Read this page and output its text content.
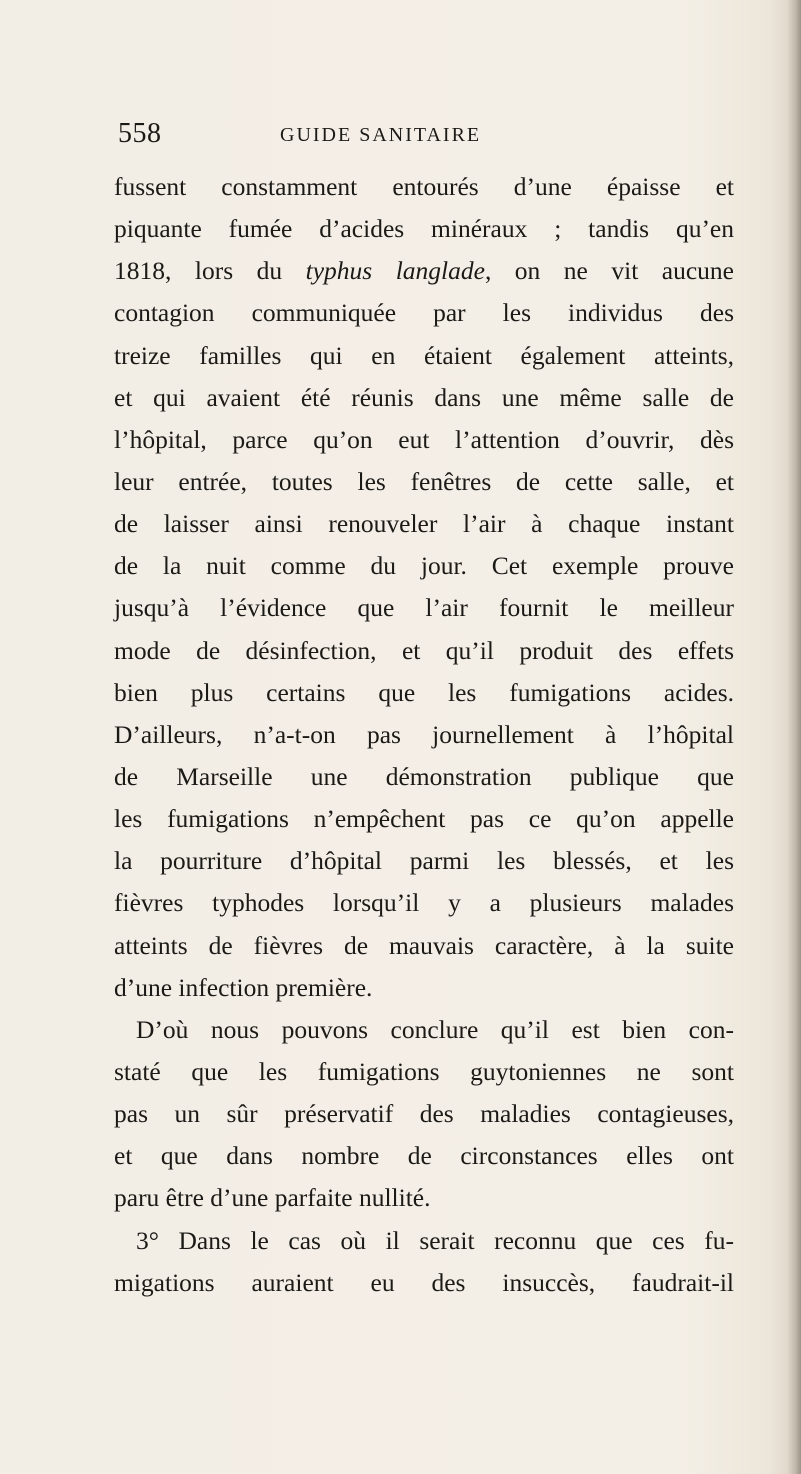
558	GUIDE SANITAIRE
fussent constamment entourés d’une épaisse et
piquante fumée d’acides minéraux ; tandis qu’en
1818, lors du typhus langlade, on ne vit aucune
contagion communiquée par les individus des
treize familles qui en étaient également atteints,
et qui avaient été réunis dans une même salle de
l’hôpital, parce qu’on eut l’attention d’ouvrir, dès
leur entrée, toutes les fenêtres de cette salle, et
de laisser ainsi renouveler l’air à chaque instant
de la nuit comme du jour. Cet exemple prouve
jusqu’à l’évidence que l’air fournit le meilleur
mode de désinfection, et qu’il produit des effets
bien plus certains que les fumigations acides.
D’ailleurs, n’a-t-on pas journellement à l’hôpital
de Marseille une démonstration publique que
les fumigations n’empêchent pas ce qu’on appelle
la pourriture d’hôpital parmi les blessés, et les
fièvres typhodes lorsqu’il y a plusieurs malades
atteints de fièvres de mauvais caractère, à la suite
d’une infection première.
D’où nous pouvons conclure qu’il est bien con-
staté que les fumigations guytoniennes ne sont
pas un sûr préservatif des maladies contagieuses,
et que dans nombre de circonstances elles ont
paru être d’une parfaite nullité.
3° Dans le cas où il serait reconnu que ces fu-
migations auraient eu des insuccès, faudrait-il
